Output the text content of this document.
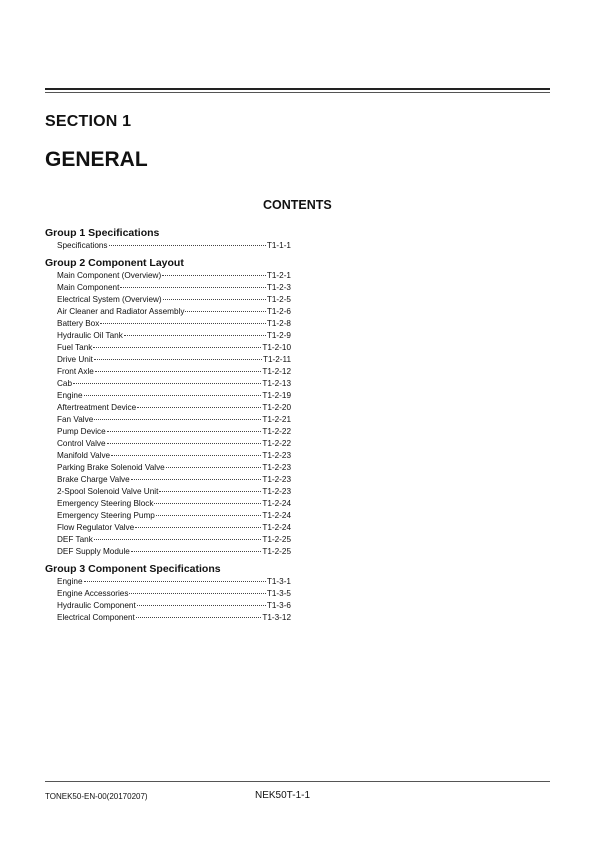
SECTION 1
GENERAL
CONTENTS
Group 1 Specifications
Specifications	T1-1-1
Group 2 Component Layout
Main Component (Overview)	T1-2-1
Main Component	T1-2-3
Electrical System (Overview)	T1-2-5
Air Cleaner and Radiator Assembly	T1-2-6
Battery Box	T1-2-8
Hydraulic Oil Tank	T1-2-9
Fuel Tank	T1-2-10
Drive Unit	T1-2-11
Front Axle	T1-2-12
Cab	T1-2-13
Engine	T1-2-19
Aftertreatment Device	T1-2-20
Fan Valve	T1-2-21
Pump Device	T1-2-22
Control Valve	T1-2-22
Manifold Valve	T1-2-23
Parking Brake Solenoid Valve	T1-2-23
Brake Charge Valve	T1-2-23
2-Spool Solenoid Valve Unit	T1-2-23
Emergency Steering Block	T1-2-24
Emergency Steering Pump	T1-2-24
Flow Regulator Valve	T1-2-24
DEF Tank	T1-2-25
DEF Supply Module	T1-2-25
Group 3 Component Specifications
Engine	T1-3-1
Engine Accessories	T1-3-5
Hydraulic Component	T1-3-6
Electrical Component	T1-3-12
TONEK50-EN-00(20170207)	NEK50T-1-1
